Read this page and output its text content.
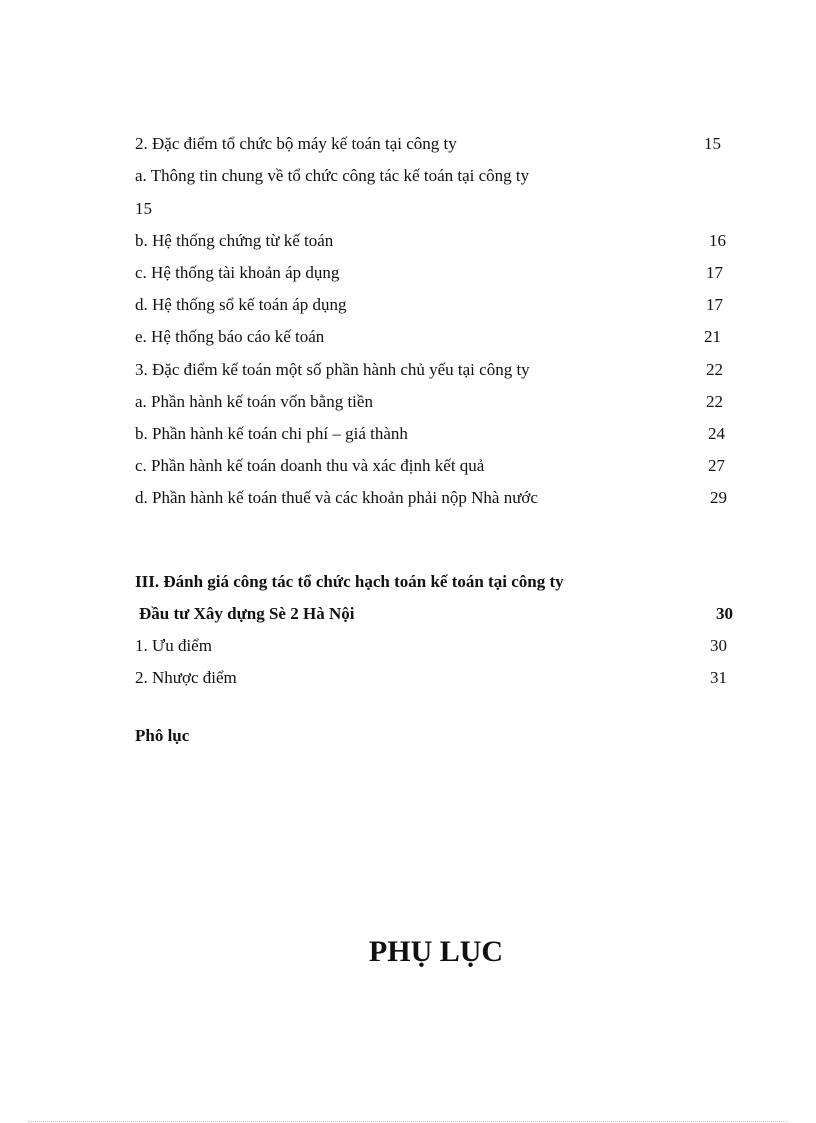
2. Đặc điểm tổ chức bộ máy kế toán tại công ty	15
a. Thông tin chung về tổ chức công tác kế toán tại công ty
15
b. Hệ thống chứng từ kế toán	16
c. Hệ thống tài khoản áp dụng	17
d. Hệ thống sổ kế toán áp dụng	17
e. Hệ thống báo cáo kế toán	21
3. Đặc điểm kế toán một số phần hành chủ yếu tại công ty	22
a. Phần hành kế toán vốn bằng tiền	22
b. Phần hành kế toán chi phí – giá thành	24
c. Phần hành kế toán doanh thu và xác định kết quả	27
d. Phần hành kế toán thuế và các khoản phải nộp Nhà nước	29
III. Đánh giá công tác tổ chức hạch toán kế toán tại công ty
Đầu tư Xây dựng Sè 2 Hà Nội	30
1. Ưu điểm	30
2. Nhược điểm	31
Phô lục
PHỤ LỤC
